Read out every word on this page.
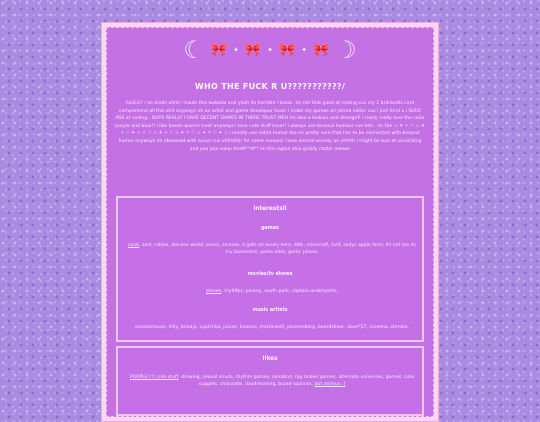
☾ 🎀 ✦ 🎀 ✦ 🎀 ✦ 🎀 ☽
WHO THE FUCK R U???????????/
haiiiiii!! i on andel uhhh i made this website and yeah its horrible i know.. im not that good at coding cus my 2 braincells cant comprehend all this shit anyways im an artist and game developer tooo! i make my games on jshma editor cus i just fnnd u i SUCK ASS at coding.. GUYS REALLY I HAVE DECENT GAMES IN THERE TRUST MEH im also a lesbian and demigirl! i really really love the color purple and blue!! i like broad sponce treat anyways i love cute stuff tooo!! i always use broacul humour cus heh.. im the ☆ ✦ ✧ ♡ ☆ ✦ ✧ ♡ ✦ ☆ ✧ ♡ ☆ ✦ ✧ ♡ ☆ ✦ ✧ ♡ ☆ ✦ ✧ ♡ ✦ ☆ i mostly use satire humor tee im pretty sure that has to be connected with broacul humor anyways im obsessed with aurus cus uhhhhhh for some reasons i love animal society an uhhhh i might be bad at socializing and yea yea volan tmdll**dl** im the sigma ohio griddy rizzler mewer
interestsll
games
cyub, sast, roblox, derulee world, omori, srcases, it gets on lonely here, ddlc, minecraft, funf, sodys apple farm, its not me its my basement, yume nikki, gartic phone,
movies/tv shows
steven, myltlfps, pinany, south park, captain underpants,
music artists
sonatamouse, lilliy, bnnaje, captchka, junies, kuwaru, martinwolf, pisseenberg, beardsbear, dave*27, crusena, steroke,
likes
PURPLE!!!! cute stuff, drawing, sexual smuts, rhythm games, sonabnd, rpg maker games, alternate universes, games, cute suggets, chocolate, daydreaming, broad sponces, bot animus :)
